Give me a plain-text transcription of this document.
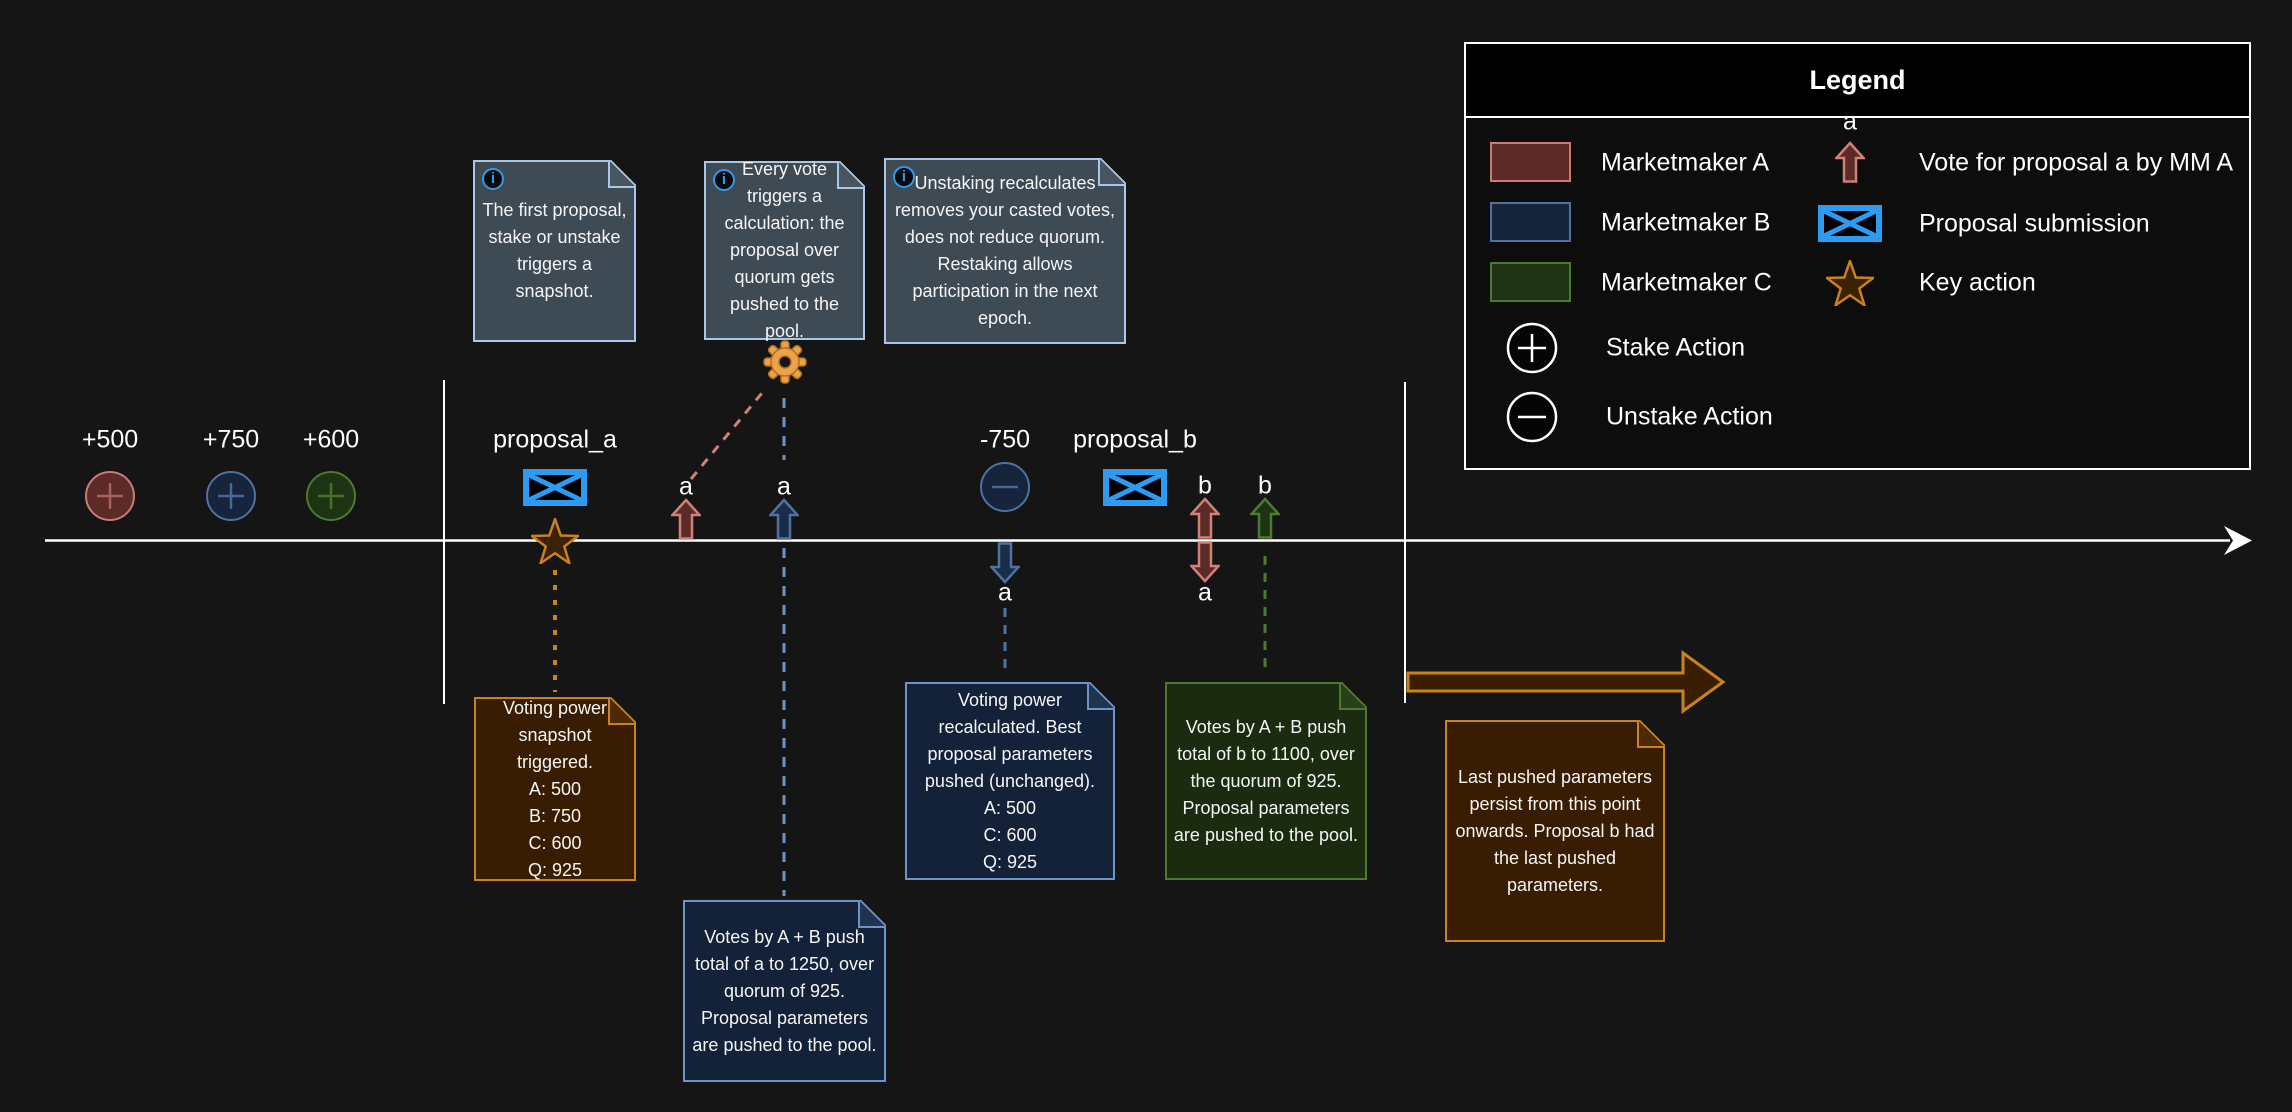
+500	+750 +600	proposal_a
a	a
-750
a
proposal_b
b
a
b
i
The first proposal, stake or unstake triggers a snapshot.
i
Every vote triggers a calculation: the proposal over quorum gets pushed to the pool.
i Unstaking recalculates removes your casted votes, does not reduce quorum. Restaking allows participation in the next epoch.
Voting power snapshot triggered.
A: 500
B: 750
C: 600
Q: 925
Votes by A + B push total of a to 1250, over quorum of 925. Proposal parameters are pushed to the pool.
Voting power recalculated. Best proposal parameters pushed (unchanged).
A: 500
C: 600
Q: 925
Votes by A + B push total of b to 1100, over the quorum of 925. Proposal parameters are pushed to the pool.
Last pushed parameters persist from this point onwards. Proposal b had the last pushed parameters.
Legend
Marketmaker A
Marketmaker B
Marketmaker C
Stake Action
Unstake Action
a
Vote for proposal a by MM A
Proposal submission
Key action
